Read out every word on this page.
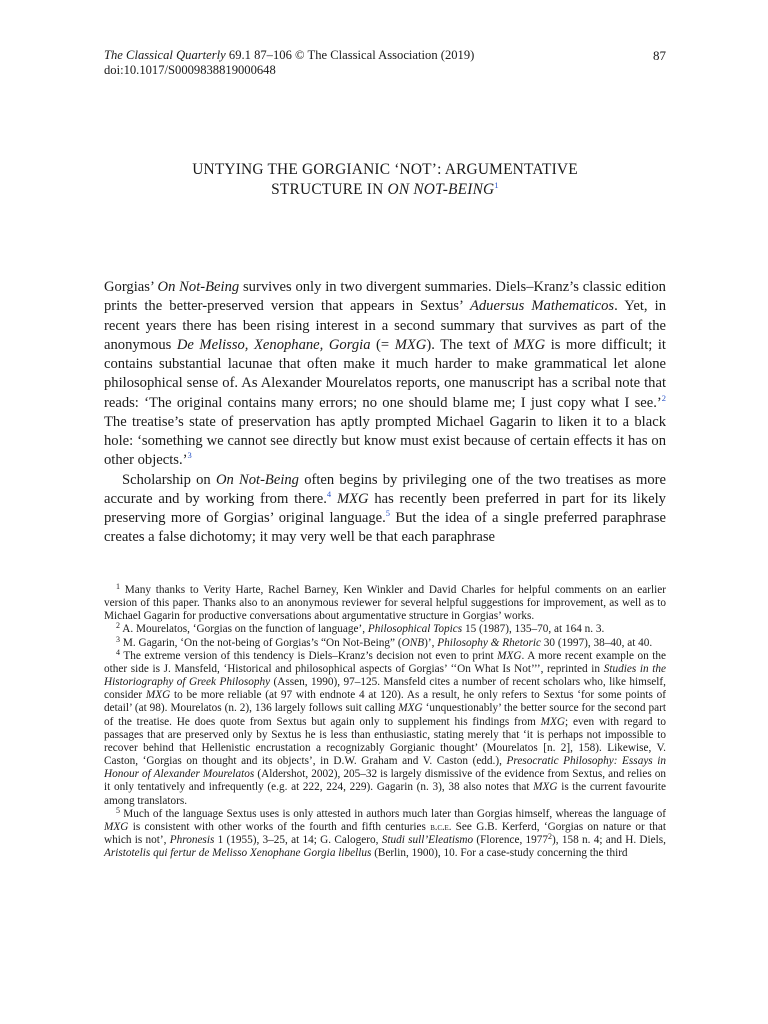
The Classical Quarterly 69.1 87–106 © The Classical Association (2019)
doi:10.1017/S0009838819000648
87
UNTYING THE GORGIANIC ‘NOT’: ARGUMENTATIVE
STRUCTURE IN ON NOT-BEING$^1$

Gorgias’ On Not-Being survives only in two divergent summaries. Diels–Kranz’s classic edition prints the better-preserved version that appears in Sextus’ Aduersus Mathematicos. Yet, in recent years there has been rising interest in a second summary that survives as part of the anonymous De Melisso, Xenophane, Gorgia (= MXG). The text of MXG is more difficult; it contains substantial lacunae that often make it much harder to make grammatical let alone philosophical sense of. As Alexander Mourelatos reports, one manuscript has a scribal note that reads: ‘The original contains many errors; no one should blame me; I just copy what I see.’$^2$ The treatise’s state of preservation has aptly prompted Michael Gagarin to liken it to a black hole: ‘something we cannot see directly but know must exist because of certain effects it has on other objects.’$^3$

Scholarship on On Not-Being often begins by privileging one of the two treatises as more accurate and by working from there.$^4$ MXG has recently been preferred in part for its likely preserving more of Gorgias’ original language.$^5$ But the idea of a single preferred paraphrase creates a false dichotomy; it may very well be that each paraphrase

$^1$ Many thanks to Verity Harte, Rachel Barney, Ken Winkler and David Charles for helpful comments on an earlier version of this paper. Thanks also to an anonymous reviewer for several helpful suggestions for improvement, as well as to Michael Gagarin for productive conversations about argumentative structure in Gorgias’ works.

$^2$ A. Mourelatos, ‘Gorgias on the function of language’, Philosophical Topics 15 (1987), 135–70, at 164 n. 3.

$^3$ M. Gagarin, ‘On the not-being of Gorgias’s “On Not-Being” (ONB)’, Philosophy & Rhetoric 30 (1997), 38–40, at 40.

$^4$ The extreme version of this tendency is Diels–Kranz’s decision not even to print MXG. A more recent example on the other side is J. Mansfeld, ‘Historical and philosophical aspects of Gorgias’ ‘‘On What Is Not’’’, reprinted in Studies in the Historiography of Greek Philosophy (Assen, 1990), 97–125. Mansfeld cites a number of recent scholars who, like himself, consider MXG to be more reliable (at 97 with endnote 4 at 120). As a result, he only refers to Sextus ‘for some points of detail’ (at 98). Mourelatos (n. 2), 136 largely follows suit calling MXG ‘unquestionably’ the better source for the second part of the treatise. He does quote from Sextus but again only to supplement his findings from MXG; even with regard to passages that are preserved only by Sextus he is less than enthusiastic, stating merely that ‘it is perhaps not impossible to recover behind that Hellenistic encrustation a recognizably Gorgianic thought’ (Mourelatos [n. 2], 158). Likewise, V. Caston, ‘Gorgias on thought and its objects’, in D.W. Graham and V. Caston (edd.), Presocratic Philosophy: Essays in Honour of Alexander Mourelatos (Aldershot, 2002), 205–32 is largely dismissive of the evidence from Sextus, and relies on it only tentatively and infrequently (e.g. at 222, 224, 229). Gagarin (n. 3), 38 also notes that MXG is the current favourite among translators.

$^5$ Much of the language Sextus uses is only attested in authors much later than Gorgias himself, whereas the language of MXG is consistent with other works of the fourth and fifth centuries b.c.e. See G.B. Kerferd, ‘Gorgias on nature or that which is not’, Phronesis 1 (1955), 3–25, at 14; G. Calogero, Studi sull’Eleatismo (Florence, 1977$^2$), 158 n. 4; and H. Diels, Aristotelis qui fertur de Melisso Xenophane Gorgia libellus (Berlin, 1900), 10. For a case-study concerning the third
